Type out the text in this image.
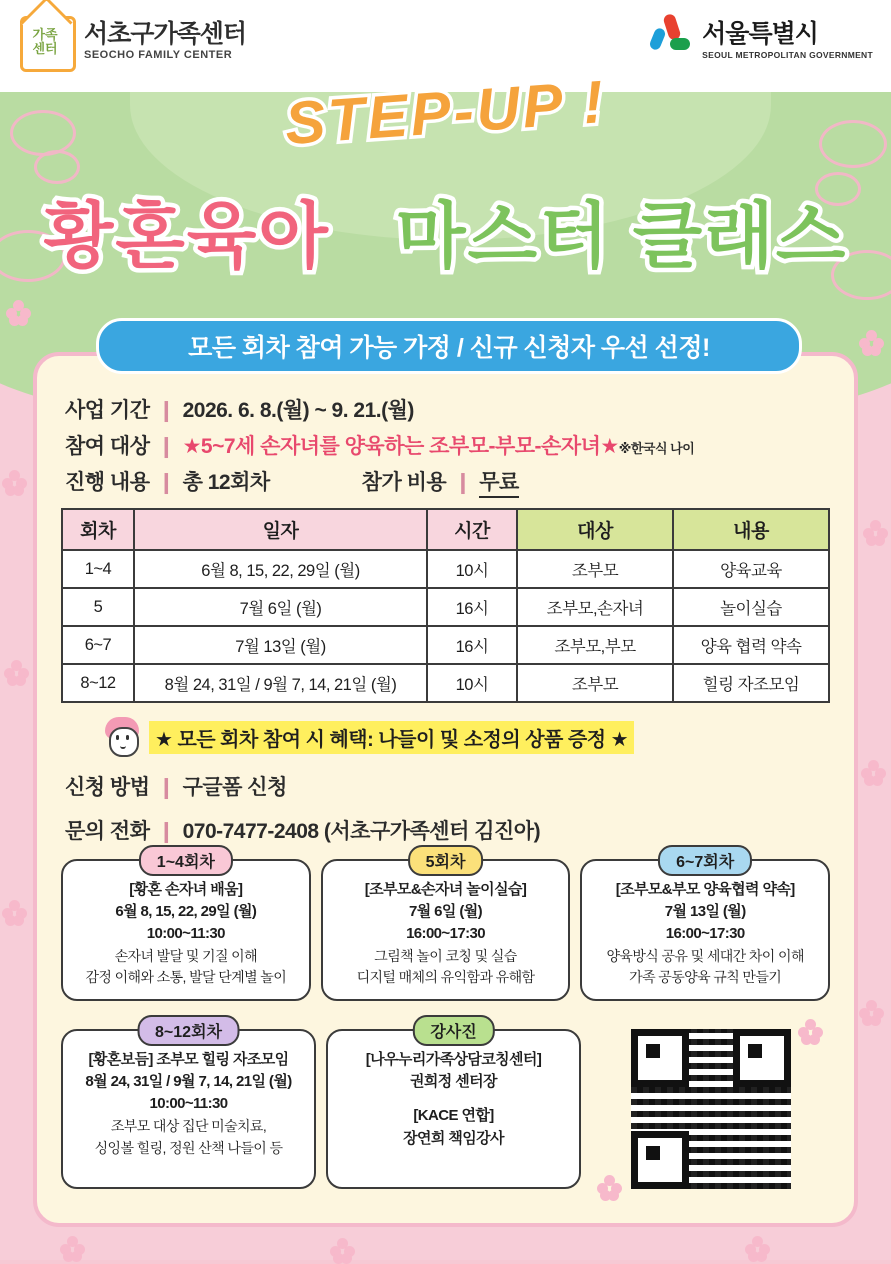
가족
센터
서초구가족센터
SEOCHO FAMILY CENTER
서울특별시
SEOUL METROPOLITAN GOVERNMENT
STEP-UP !
황혼육아 마스터 클래스
모든 회차 참여 가능 가정 / 신규 신청자 우선 선정!
사업 기간 ❙ 2026. 6. 8.(월) ~ 9. 21.(월)
참여 대상 ❙ ★5~7세 손자녀를 양육하는 조부모-부모-손자녀★ ※한국식 나이
진행 내용 ❙ 총 12회차	참가 비용 ❙ 무료
회차	일자	시간	대상	내용
1~4	6월 8, 15, 22, 29일 (월)	10시	조부모	양육교육
5	7월 6일 (월)	16시	조부모,손자녀	놀이실습
6~7	7월 13일 (월)	16시	조부모,부모	양육 협력 약속
8~12	8월 24, 31일 / 9월 7, 14, 21일 (월)	10시	조부모	힐링 자조모임
★ 모든 회차 참여 시 혜택: 나들이 및 소정의 상품 증정 ★
신청 방법 ❙ 구글폼 신청
문의 전화 ❙ 070-7477-2408 (서초구가족센터 김진아)
1~4회차
[황혼 손자녀 배움]
6월 8, 15, 22, 29일 (월)
10:00~11:30
손자녀 발달 및 기질 이해
감정 이해와 소통, 발달 단계별 놀이
5회차
[조부모&손자녀 놀이실습]
7월 6일 (월)
16:00~17:30
그림책 놀이 코칭 및 실습
디지털 매체의 유익함과 유해함
6~7회차
[조부모&부모 양육협력 약속]
7월 13일 (월)
16:00~17:30
양육방식 공유 및 세대간 차이 이해
가족 공동양육 규칙 만들기
8~12회차
[황혼보듬] 조부모 힐링 자조모임
8월 24, 31일 / 9월 7, 14, 21일 (월)
10:00~11:30
조부모 대상 집단 미술치료,
싱잉볼 힐링, 정원 산책 나들이 등
강사진
[나우누리가족상담코칭센터]
권희정 센터장
[KACE 연합]
장연희 책임강사
